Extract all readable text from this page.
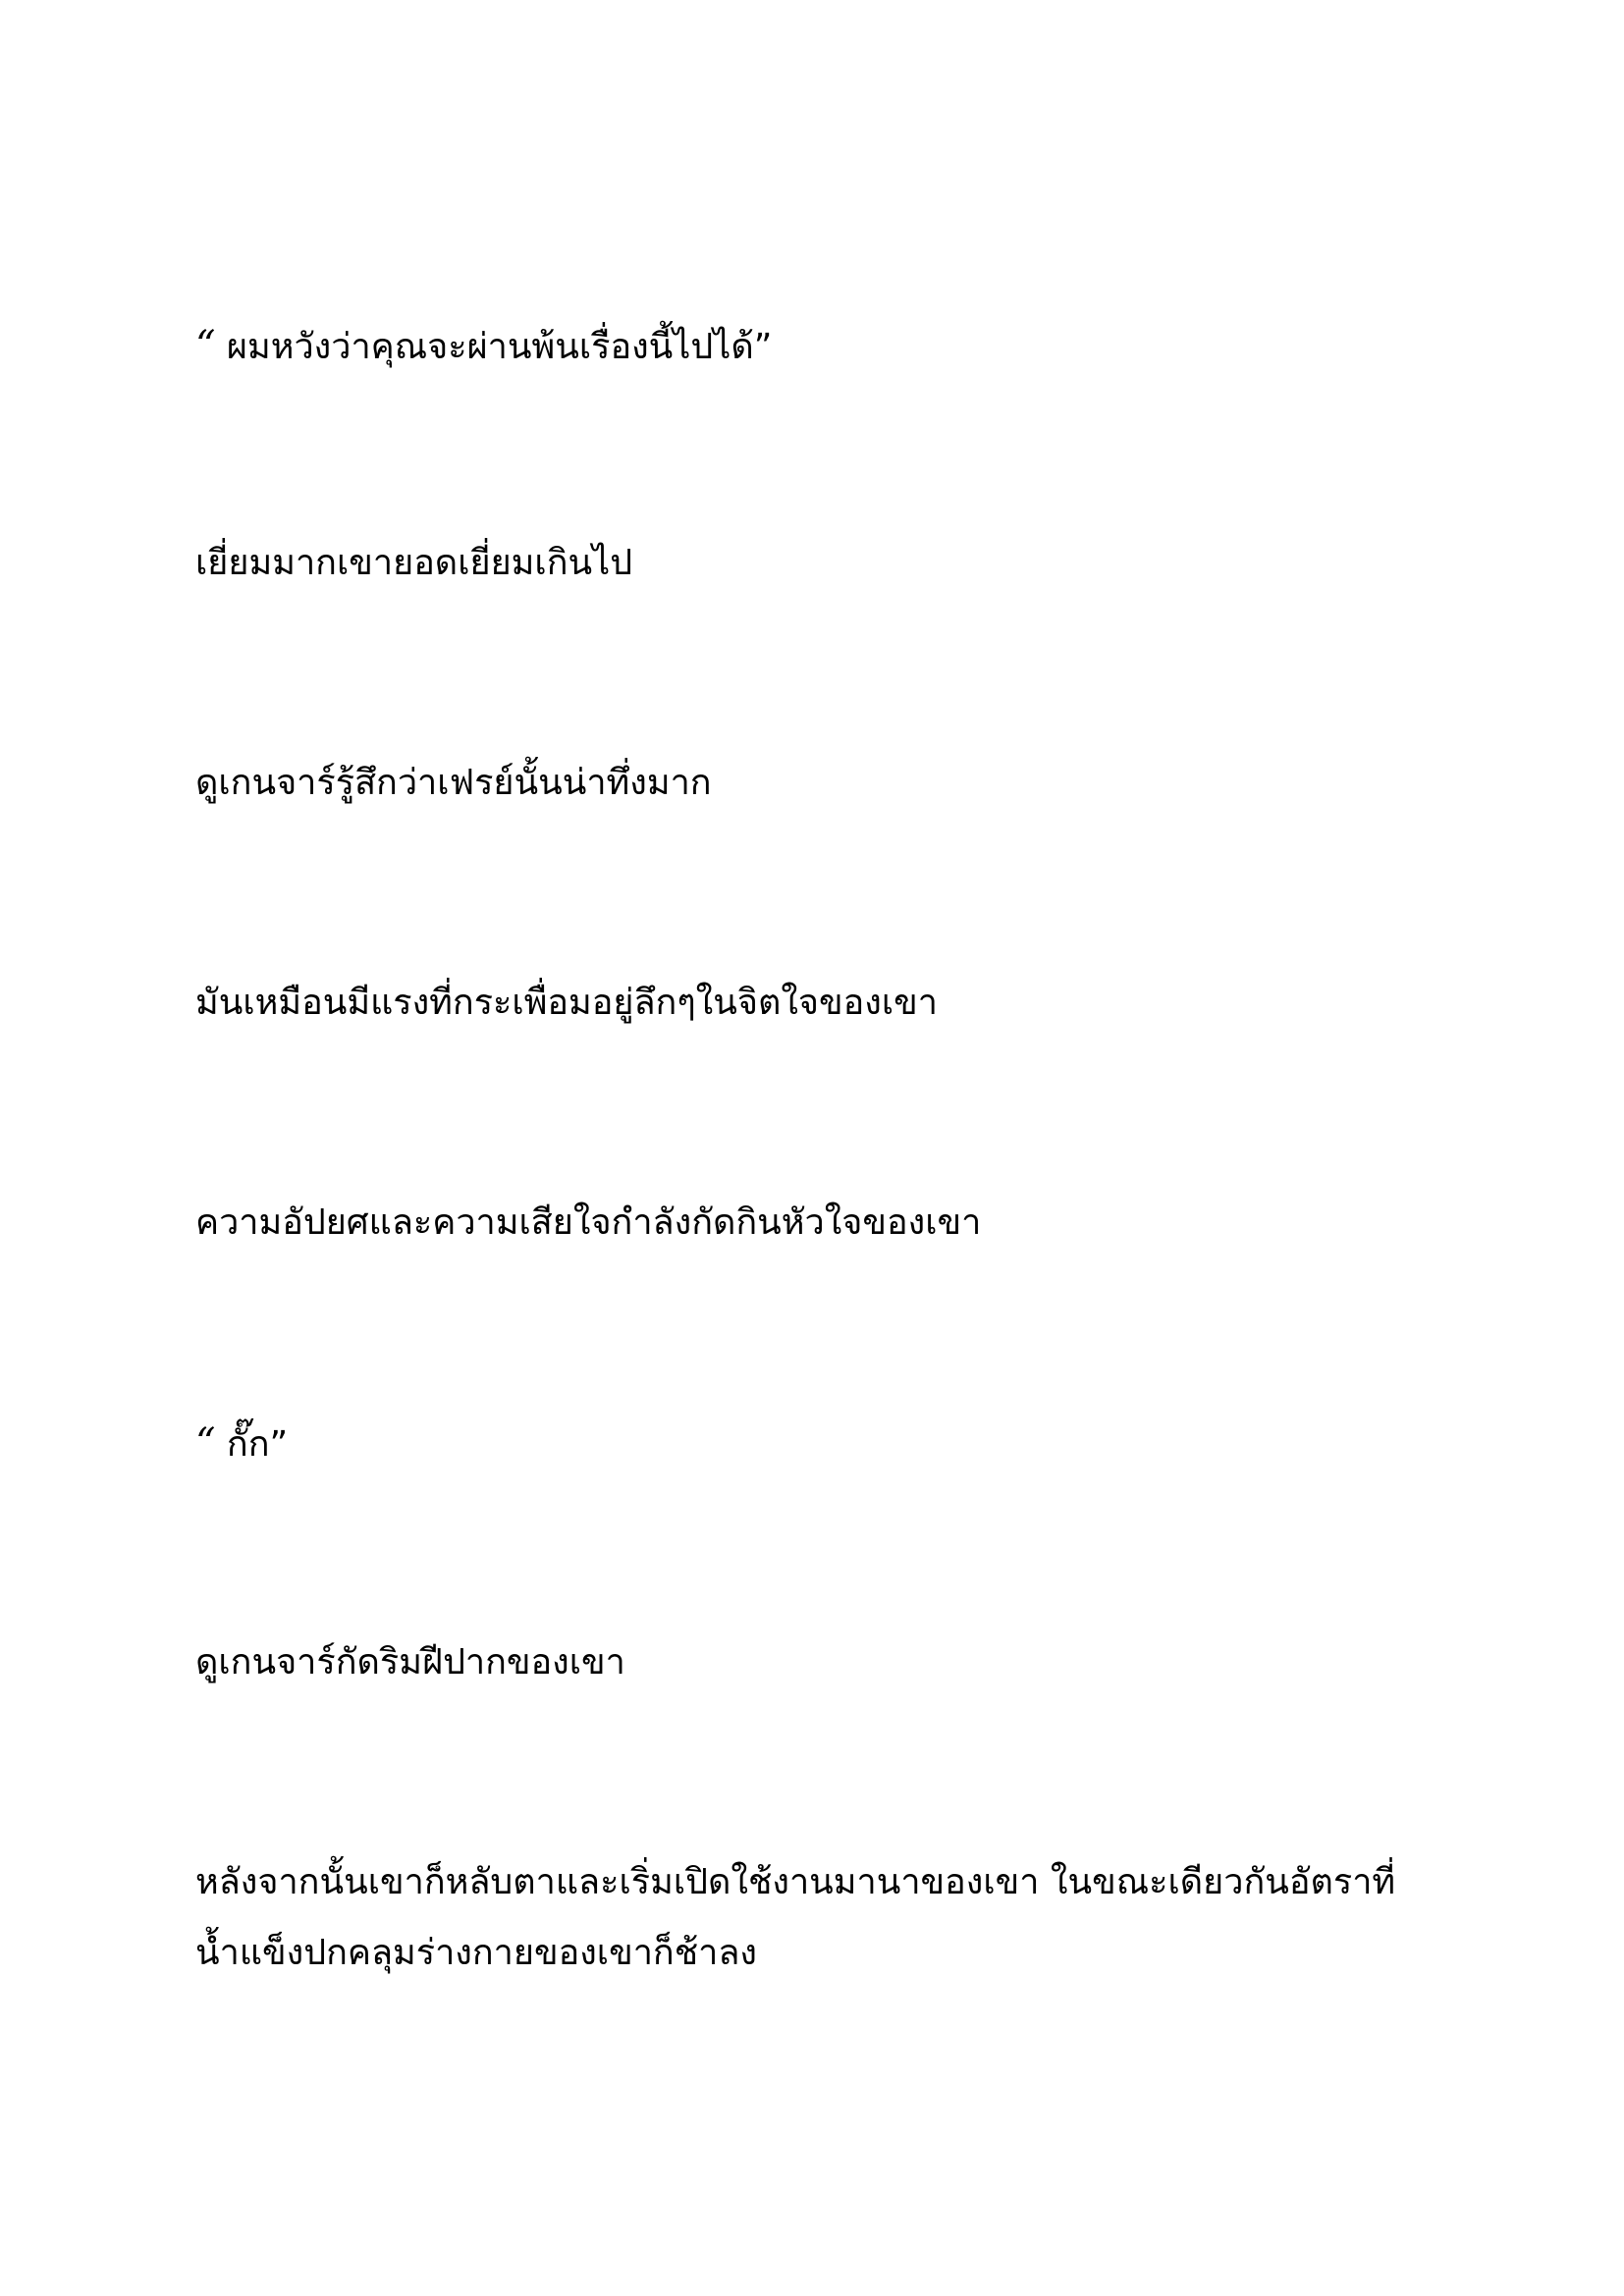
“ ผมหวังว่าคุณจะผ่านพ้นเรื่องนี้ไปได้”

เยี่ยมมากเขายอดเยี่ยมเกินไป

ดูเกนจาร์รู้สึกว่าเฟรย์นั้นน่าทึ่งมาก

มันเหมือนมีแรงที่กระเพื่อมอยู่ลึกๆในจิตใจของเขา

ความอัปยศและความเสียใจกำลังกัดกินหัวใจของเขา

“ กั๊ก”

ดูเกนจาร์กัดริมฝีปากของเขา

หลังจากนั้นเขาก็หลับตาและเริ่มเปิดใช้งานมานาของเขา ในขณะเดียวกันอัตราที่
น้ำแข็งปกคลุมร่างกายของเขาก็ช้าลง
